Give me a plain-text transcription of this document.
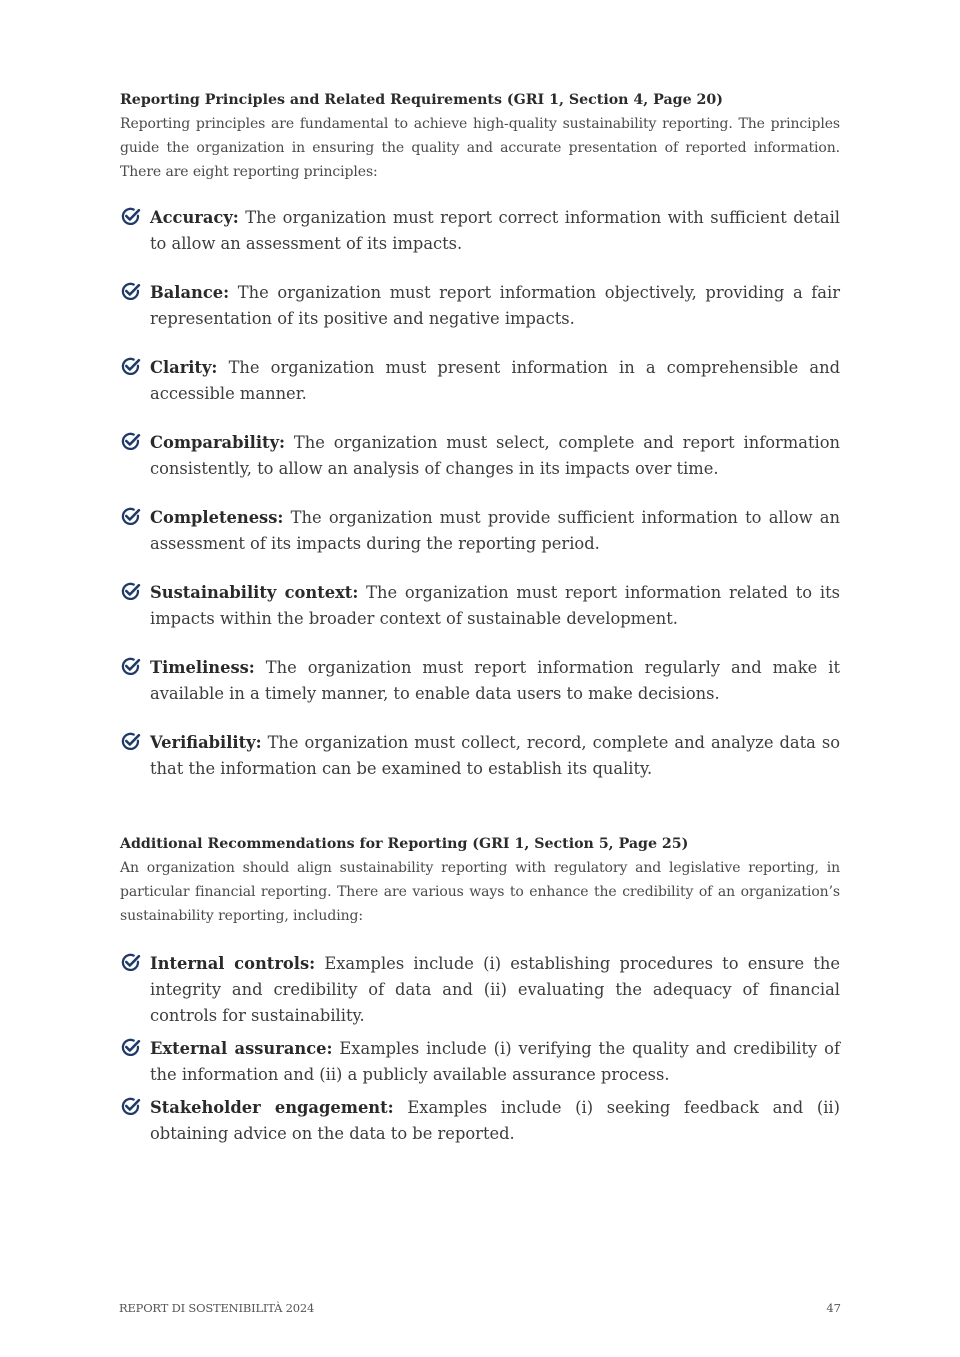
Reporting Principles and Related Requirements (GRI 1, Section 4, Page 20)

Reporting principles are fundamental to achieve high-quality sustainability reporting. The principles guide the organization in ensuring the quality and accurate presentation of reported information. There are eight reporting principles:

Accuracy: The organization must report correct information with sufficient detail to allow an assessment of its impacts.
Balance: The organization must report information objectively, providing a fair representation of its positive and negative impacts.
Clarity: The organization must present information in a comprehensible and accessible manner.
Comparability: The organization must select, complete and report information consistently, to allow an analysis of changes in its impacts over time.
Completeness: The organization must provide sufficient information to allow an assessment of its impacts during the reporting period.
Sustainability context: The organization must report information related to its impacts within the broader context of sustainable development.
Timeliness: The organization must report information regularly and make it available in a timely manner, to enable data users to make decisions.
Verifiability: The organization must collect, record, complete and analyze data so that the information can be examined to establish its quality.
Additional Recommendations for Reporting (GRI 1, Section 5, Page 25)

An organization should align sustainability reporting with regulatory and legislative reporting, in particular financial reporting. There are various ways to enhance the credibility of an organization’s sustainability reporting, including:

Internal controls: Examples include (i) establishing procedures to ensure the integrity and credibility of data and (ii) evaluating the adequacy of financial controls for sustainability.
External assurance: Examples include (i) verifying the quality and credibility of the information and (ii) a publicly available assurance process.
Stakeholder engagement: Examples include (i) seeking feedback and (ii) obtaining advice on the data to be reported.
REPORT DI SOSTENIBILITÀ 2024	47
